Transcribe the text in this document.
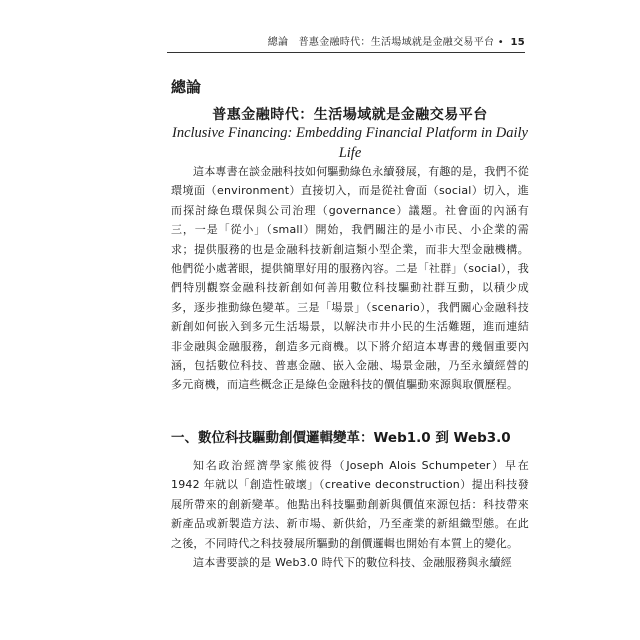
總論　普惠金融時代：生活場域就是金融交易平台 • 15
總論
普惠金融時代：生活場域就是金融交易平台
Inclusive Financing: Embedding Financial Platform in Daily Life

這本專書在談金融科技如何驅動綠色永續發展，有趣的是，我們不從環境面（environment）直接切入，而是從社會面（social）切入，進而探討綠色環保與公司治理（governance）議題。社會面的內涵有三，一是「從小」（small）開始，我們關注的是小市民、小企業的需求；提供服務的也是金融科技新創這類小型企業，而非大型金融機構。他們從小處著眼，提供簡單好用的服務內容。二是「社群」（social），我們特別觀察金融科技新創如何善用數位科技驅動社群互動，以積少成多，逐步推動綠色變革。三是「場景」（scenario），我們關心金融科技新創如何嵌入到多元生活場景，以解決市井小民的生活難題，進而連結非金融與金融服務，創造多元商機。以下將介紹這本專書的幾個重要內涵，包括數位科技、普惠金融、嵌入金融、場景金融，乃至永續經營的多元商機，而這些概念正是綠色金融科技的價值驅動來源與取價歷程。

一、數位科技驅動創價邏輯變革：Web1.0 到 Web3.0

知名政治經濟學家熊彼得（Joseph Alois Schumpeter）早在 1942 年就以「創造性破壞」（creative deconstruction）提出科技發展所帶來的創新變革。他點出科技驅動創新與價值來源包括：科技帶來新產品或新製造方法、新市場、新供給，乃至產業的新組織型態。在此之後，不同時代之科技發展所驅動的創價邏輯也開始有本質上的變化。

這本書要談的是 Web3.0 時代下的數位科技、金融服務與永續經
